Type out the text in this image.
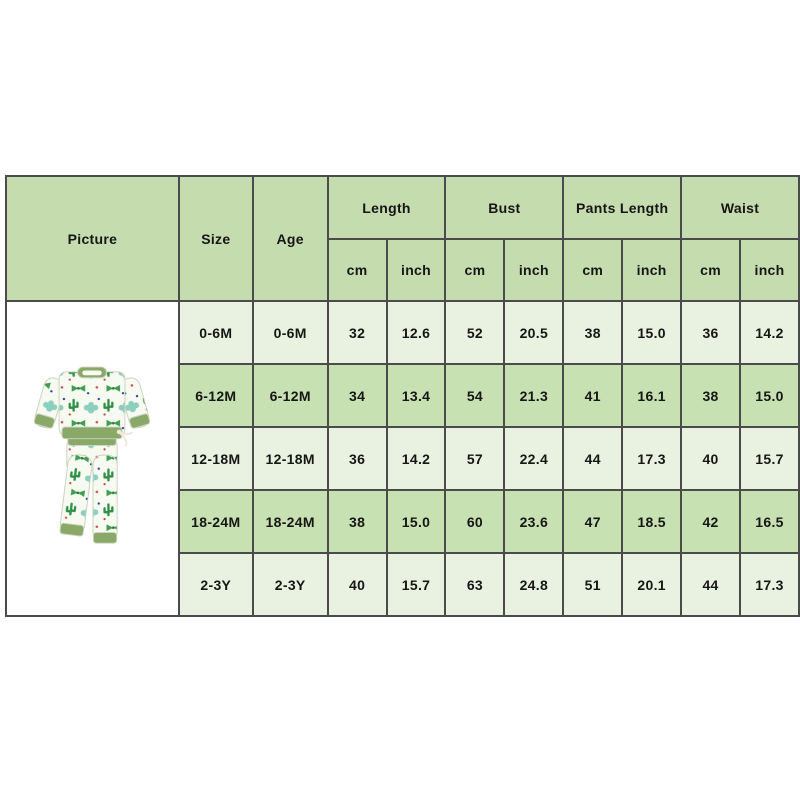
Picture	Size	Age	Length		Bust		Pants Length		Waist	
			cm	inch	cm	inch	cm	inch	cm	inch

	0-6M	0-6M	32	12.6	52	20.5	38	15.0	36	14.2
	6-12M	6-12M	34	13.4	54	21.3	41	16.1	38	15.0
	12-18M	12-18M	36	14.2	57	22.4	44	17.3	40	15.7
	18-24M	18-24M	38	15.0	60	23.6	47	18.5	42	16.5
	2-3Y	2-3Y	40	15.7	63	24.8	51	20.1	44	17.3
